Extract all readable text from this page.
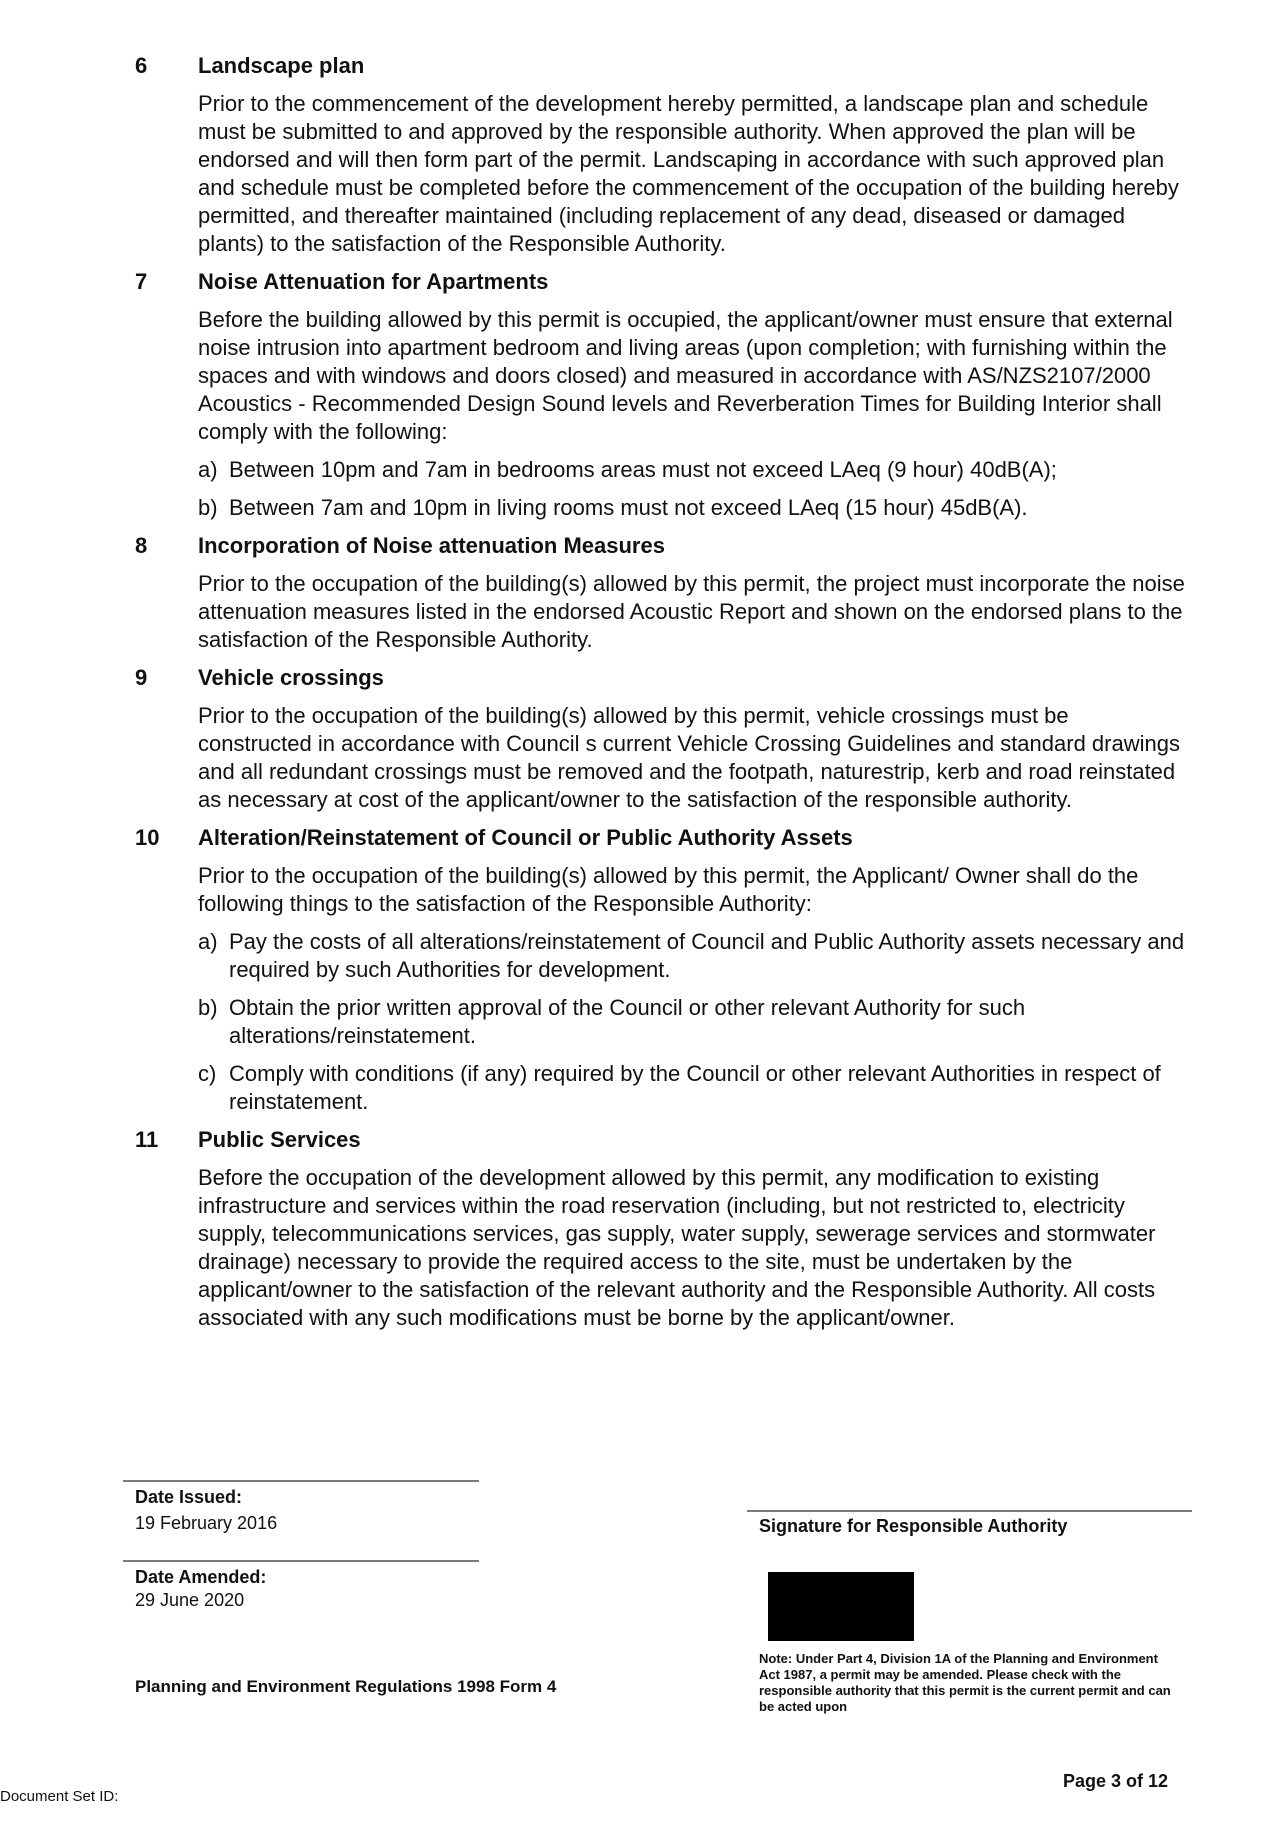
6	Landscape plan

Prior to the commencement of the development hereby permitted, a landscape plan and schedule must be submitted to and approved by the responsible authority. When approved the plan will be endorsed and will then form part of the permit. Landscaping in accordance with such approved plan and schedule must be completed before the commencement of the occupation of the building hereby permitted, and thereafter maintained (including replacement of any dead, diseased or damaged plants) to the satisfaction of the Responsible Authority.

7	Noise Attenuation for Apartments

Before the building allowed by this permit is occupied, the applicant/owner must ensure that external noise intrusion into apartment bedroom and living areas (upon completion; with furnishing within the spaces and with windows and doors closed) and measured in accordance with AS/NZS2107/2000 Acoustics - Recommended Design Sound levels and Reverberation Times for Building Interior shall comply with the following:

a) Between 10pm and 7am in bedrooms areas must not exceed LAeq (9 hour) 40dB(A);
b) Between 7am and 10pm in living rooms must not exceed LAeq (15 hour) 45dB(A).
8	Incorporation of Noise attenuation Measures

Prior to the occupation of the building(s) allowed by this permit, the project must incorporate the noise attenuation measures listed in the endorsed Acoustic Report and shown on the endorsed plans to the satisfaction of the Responsible Authority.

9	Vehicle crossings

Prior to the occupation of the building(s) allowed by this permit, vehicle crossings must be constructed in accordance with Council s current Vehicle Crossing Guidelines and standard drawings and all redundant crossings must be removed and the footpath, naturestrip, kerb and road reinstated as necessary at cost of the applicant/owner to the satisfaction of the responsible authority.

10	Alteration/Reinstatement of Council or Public Authority Assets

Prior to the occupation of the building(s) allowed by this permit, the Applicant/ Owner shall do the following things to the satisfaction of the Responsible Authority:

a) Pay the costs of all alterations/reinstatement of Council and Public Authority assets necessary and required by such Authorities for development.
b) Obtain the prior written approval of the Council or other relevant Authority for such alterations/reinstatement.
c) Comply with conditions (if any) required by the Council or other relevant Authorities in respect of reinstatement.
11	Public Services

Before the occupation of the development allowed by this permit, any modification to existing infrastructure and services within the road reservation (including, but not restricted to, electricity supply, telecommunications services, gas supply, water supply, sewerage services and stormwater drainage) necessary to provide the required access to the site, must be undertaken by the applicant/owner to the satisfaction of the relevant authority and the Responsible Authority. All costs associated with any such modifications must be borne by the applicant/owner.

Date Issued:
19 February 2016
Date Amended:
29 June 2020
Planning and Environment Regulations 1998 Form 4
Signature for Responsible Authority
Note: Under Part 4, Division 1A of the Planning and Environment Act 1987, a permit may be amended. Please check with the responsible authority that this permit is the current permit and can be acted upon
Page 3 of 12
Document Set ID:
